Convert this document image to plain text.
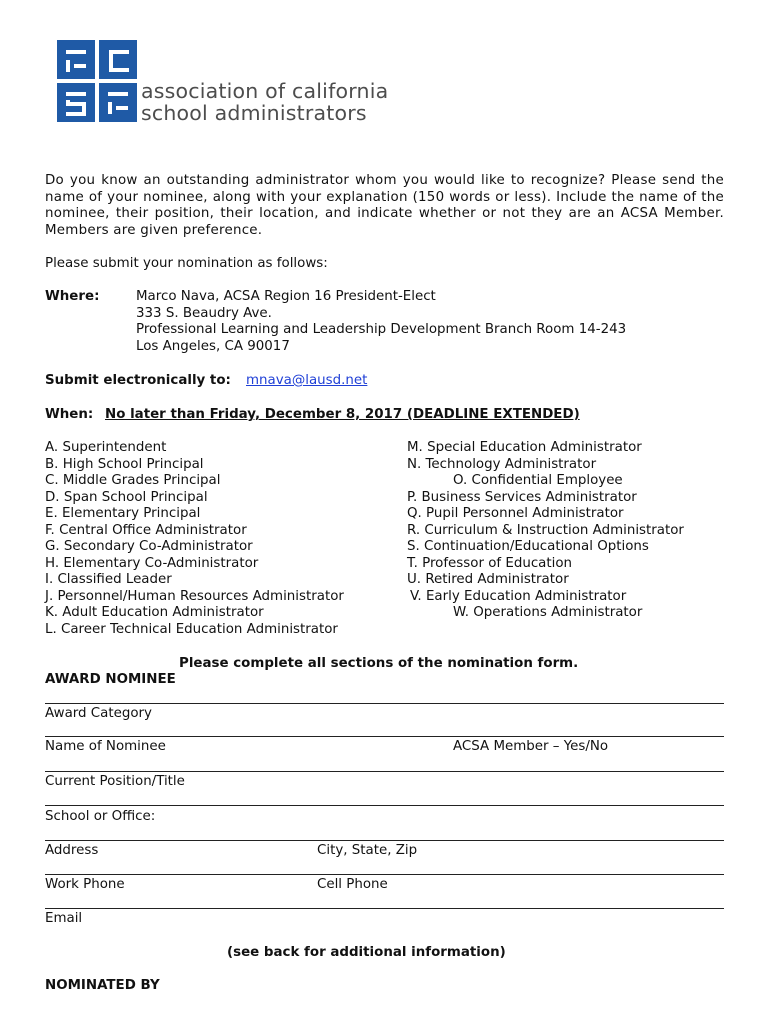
association of california
school administrators
Do you know an outstanding administrator whom you would like to recognize? Please send the name of your nominee, along with your explanation (150 words or less). Include the name of the nominee, their position, their location, and indicate whether or not they are an ACSA Member. Members are given preference.
Please submit your nomination as follows:
Where:	Marco Nava, ACSA Region 16 President-Elect
333 S. Beaudry Ave.
Professional Learning and Leadership Development Branch Room 14-243
Los Angeles, CA 90017
Submit electronically to: mnava@lausd.net
When: No later than Friday, December 8, 2017 (DEADLINE EXTENDED)
A. Superintendent
B. High School Principal
C. Middle Grades Principal
D. Span School Principal
E. Elementary Principal
F. Central Office Administrator
G. Secondary Co-Administrator
H. Elementary Co-Administrator
I. Classified Leader
J. Personnel/Human Resources Administrator
K. Adult Education Administrator
L. Career Technical Education Administrator
M. Special Education Administrator
N. Technology Administrator
O. Confidential Employee
P. Business Services Administrator
Q. Pupil Personnel Administrator
R. Curriculum & Instruction Administrator
S. Continuation/Educational Options
T. Professor of Education
U. Retired Administrator
V. Early Education Administrator
W. Operations Administrator
Please complete all sections of the nomination form.
AWARD NOMINEE
Award Category
Name of Nominee	ACSA Member – Yes/No
Current Position/Title
School or Office:
Address	City, State, Zip
Work Phone	Cell Phone
Email
(see back for additional information)
NOMINATED BY
